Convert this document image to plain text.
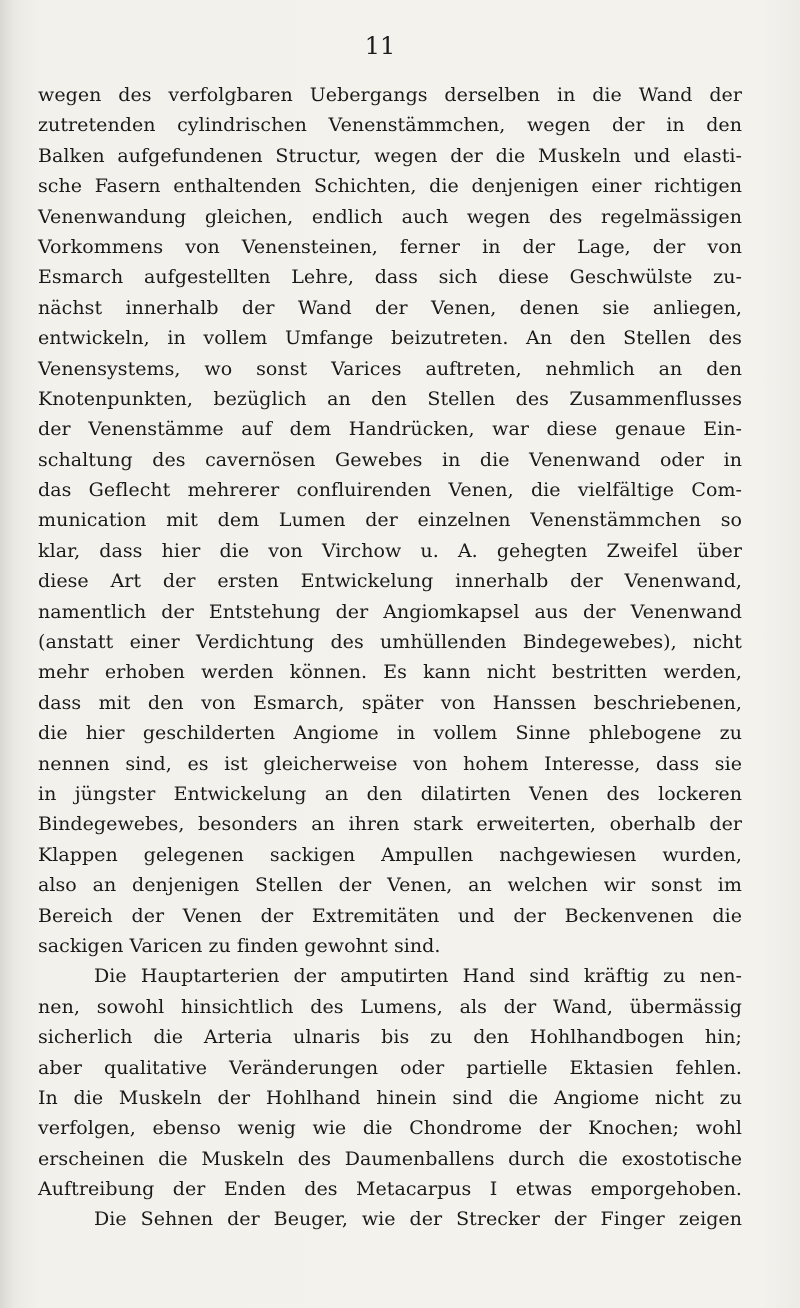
11
wegen des verfolgbaren Uebergangs derselben in die Wand der
zutretenden cylindrischen Venenstämmchen, wegen der in den
Balken aufgefundenen Structur, wegen der die Muskeln und elasti-
sche Fasern enthaltenden Schichten, die denjenigen einer richtigen
Venenwandung gleichen, endlich auch wegen des regelmässigen
Vorkommens von Venensteinen, ferner in der Lage, der von
Esmarch aufgestellten Lehre, dass sich diese Geschwülste zu-
nächst innerhalb der Wand der Venen, denen sie anliegen,
entwickeln, in vollem Umfange beizutreten. An den Stellen des
Venensystems, wo sonst Varices auftreten, nehmlich an den
Knotenpunkten, bezüglich an den Stellen des Zusammenflusses
der Venenstämme auf dem Handrücken, war diese genaue Ein-
schaltung des cavernösen Gewebes in die Venenwand oder in
das Geflecht mehrerer confluirenden Venen, die vielfältige Com-
munication mit dem Lumen der einzelnen Venenstämmchen so
klar, dass hier die von Virchow u. A. gehegten Zweifel über
diese Art der ersten Entwickelung innerhalb der Venenwand,
namentlich der Entstehung der Angiomkapsel aus der Venenwand
(anstatt einer Verdichtung des umhüllenden Bindegewebes), nicht
mehr erhoben werden können. Es kann nicht bestritten werden,
dass mit den von Esmarch, später von Hanssen beschriebenen,
die hier geschilderten Angiome in vollem Sinne phlebogene zu
nennen sind, es ist gleicherweise von hohem Interesse, dass sie
in jüngster Entwickelung an den dilatirten Venen des lockeren
Bindegewebes, besonders an ihren stark erweiterten, oberhalb der
Klappen gelegenen sackigen Ampullen nachgewiesen wurden,
also an denjenigen Stellen der Venen, an welchen wir sonst im
Bereich der Venen der Extremitäten und der Beckenvenen die
sackigen Varicen zu finden gewohnt sind.
Die Hauptarterien der amputirten Hand sind kräftig zu nen-
nen, sowohl hinsichtlich des Lumens, als der Wand, übermässig
sicherlich die Arteria ulnaris bis zu den Hohlhandbogen hin;
aber qualitative Veränderungen oder partielle Ektasien fehlen.
In die Muskeln der Hohlhand hinein sind die Angiome nicht zu
verfolgen, ebenso wenig wie die Chondrome der Knochen; wohl
erscheinen die Muskeln des Daumenballens durch die exostotische
Auftreibung der Enden des Metacarpus I etwas emporgehoben.
Die Sehnen der Beuger, wie der Strecker der Finger zeigen
